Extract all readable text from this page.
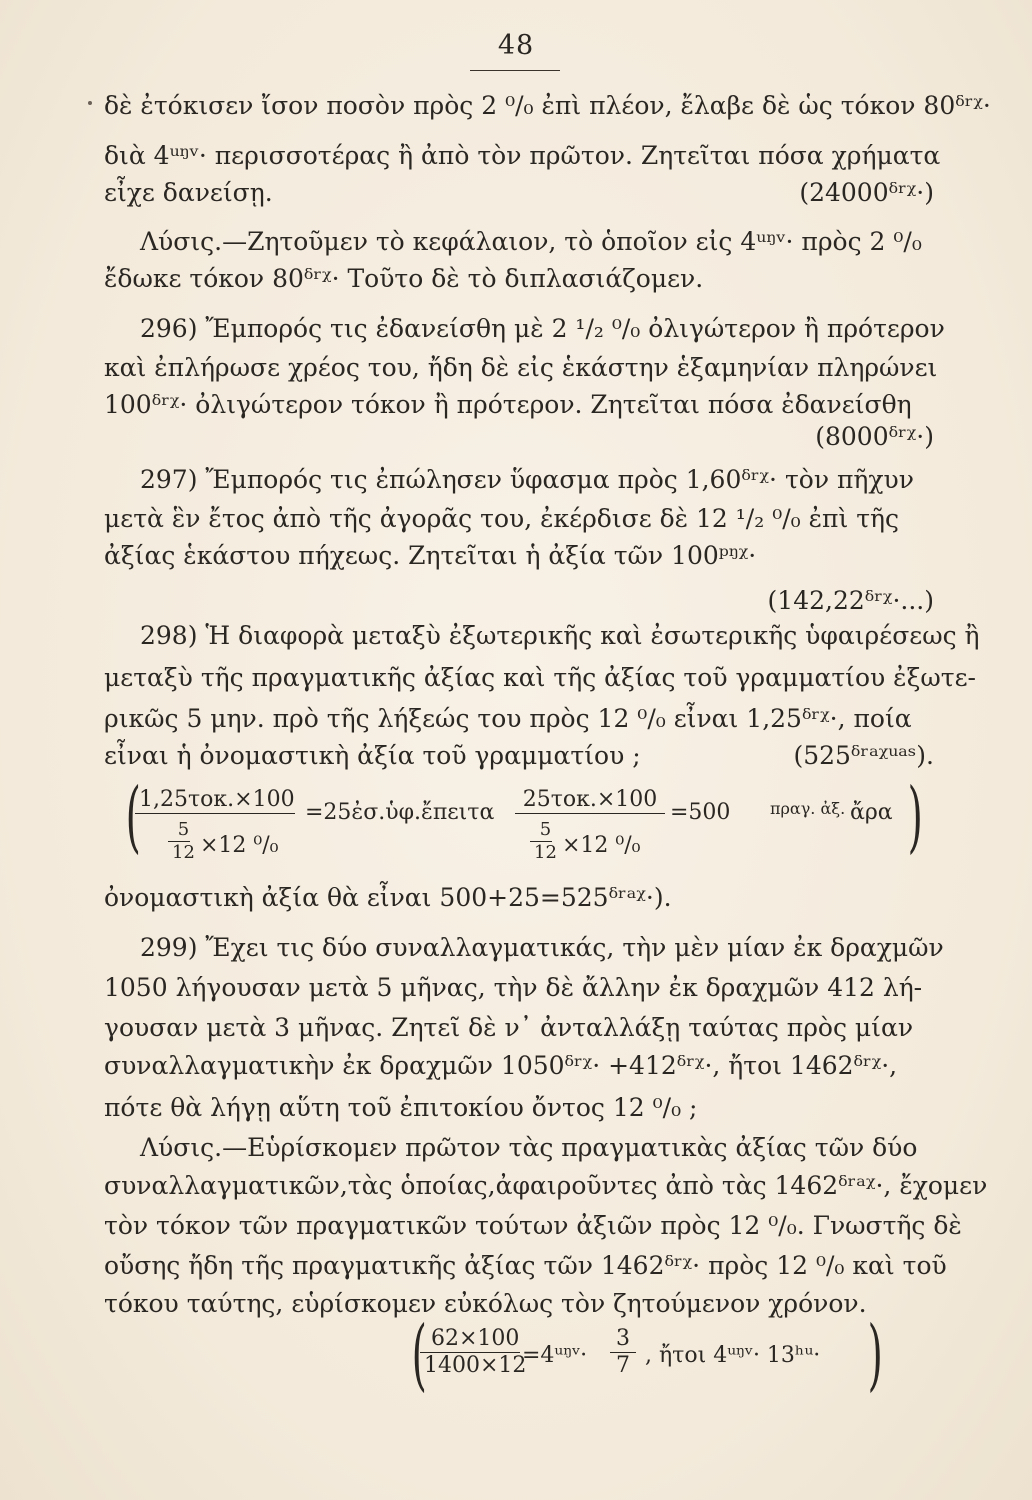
48
δὲ ἐτόκισεν ἴσον ποσὸν πρὸς 2 ⁰/₀ ἐπὶ πλέον, ἔλαβε δὲ ὡς τόκον 80ᵟʳᵡ·
διὰ 4ᵘᵑᵛ· περισσοτέρας ἢ ἀπὸ τὸν πρῶτον. Ζητεῖται πόσα χρήματα
εἶχε δανείσῃ.	(24000ᵟʳᵡ·)
Λύσις.—Ζητοῦμεν τὸ κεφάλαιον, τὸ ὁποῖον εἰς 4ᵘᵑᵛ· πρὸς 2 ⁰/₀
ἔδωκε τόκον 80ᵟʳᵡ· Τοῦτο δὲ τὸ διπλασιάζομεν.
296) Ἔμπορός τις ἐδανείσθη μὲ 2 ¹/₂ ⁰/₀ ὀλιγώτερον ἢ πρότερον
καὶ ἐπλήρωσε χρέος του, ἤδη δὲ εἰς ἑκάστην ἑξαμηνίαν πληρώνει
100ᵟʳᵡ· ὀλιγώτερον τόκον ἢ πρότερον. Ζητεῖται πόσα ἐδανείσθη
(8000ᵟʳᵡ·)
297) Ἔμπορός τις ἐπώλησεν ὕφασμα πρὸς 1,60ᵟʳᵡ· τὸν πῆχυν
μετὰ ἓν ἔτος ἀπὸ τῆς ἀγορᾶς του, ἐκέρδισε δὲ 12 ¹/₂ ⁰/₀ ἐπὶ τῆς
ἀξίας ἑκάστου πήχεως. Ζητεῖται ἡ ἀξία τῶν 100ᵖᵑᵡ·
(142,22ᵟʳᵡ·...)
298) Ἡ διαφορὰ μεταξὺ ἐξωτερικῆς καὶ ἐσωτερικῆς ὑφαιρέσεως ἢ
μεταξὺ τῆς πραγματικῆς ἀξίας καὶ τῆς ἀξίας τοῦ γραμματίου ἐξωτε-
ρικῶς 5 μην. πρὸ τῆς λήξεώς του πρὸς 12 ⁰/₀ εἶναι 1,25ᵟʳᵡ·, ποία
εἶναι ἡ ὀνομαστικὴ ἀξία τοῦ γραμματίου ;	(525ᵟʳᵃᵡᵘᵃˢ).
(
1,25τοκ.×100
5
12 ×12 ⁰/₀
=25ἐσ.ὑφ.ἔπειτα
25τοκ.×100
5
12 ×12 ⁰/₀
=500 πραγ. ἀξ. ἄρα )
ὀνομαστικὴ ἀξία θὰ εἶναι 500+25=525ᵟʳᵃᵡ·).
299) Ἔχει τις δύο συναλλαγματικάς, τὴν μὲν μίαν ἐκ δραχμῶν
1050 λήγουσαν μετὰ 5 μῆνας, τὴν δὲ ἄλλην ἐκ δραχμῶν 412 λή-
γουσαν μετὰ 3 μῆνας. Ζητεῖ δὲ ν᾽ ἀνταλλάξῃ ταύτας πρὸς μίαν
συναλλαγματικὴν ἐκ δραχμῶν 1050ᵟʳᵡ· +412ᵟʳᵡ·, ἤτοι 1462ᵟʳᵡ·,
πότε θὰ λήγῃ αὕτη τοῦ ἐπιτοκίου ὄντος 12 ⁰/₀ ;
Λύσις.—Εὑρίσκομεν πρῶτον τὰς πραγματικὰς ἀξίας τῶν δύο
συναλλαγματικῶν,τὰς ὁποίας,ἀφαιροῦντες ἀπὸ τὰς 1462ᵟʳᵃᵡ·, ἔχομεν
τὸν τόκον τῶν πραγματικῶν τούτων ἀξιῶν πρὸς 12 ⁰/₀. Γνωστῆς δὲ
οὔσης ἤδη τῆς πραγματικῆς ἀξίας τῶν 1462ᵟʳᵡ· πρὸς 12 ⁰/₀ καὶ τοῦ
τόκου ταύτης, εὑρίσκομεν εὐκόλως τὸν ζητούμενον χρόνον.
( 62×100
1400×12
=4ᵘᵑᵛ·
3
7 , ἤτοι 4ᵘᵑᵛ· 13ʰᵘ· )
